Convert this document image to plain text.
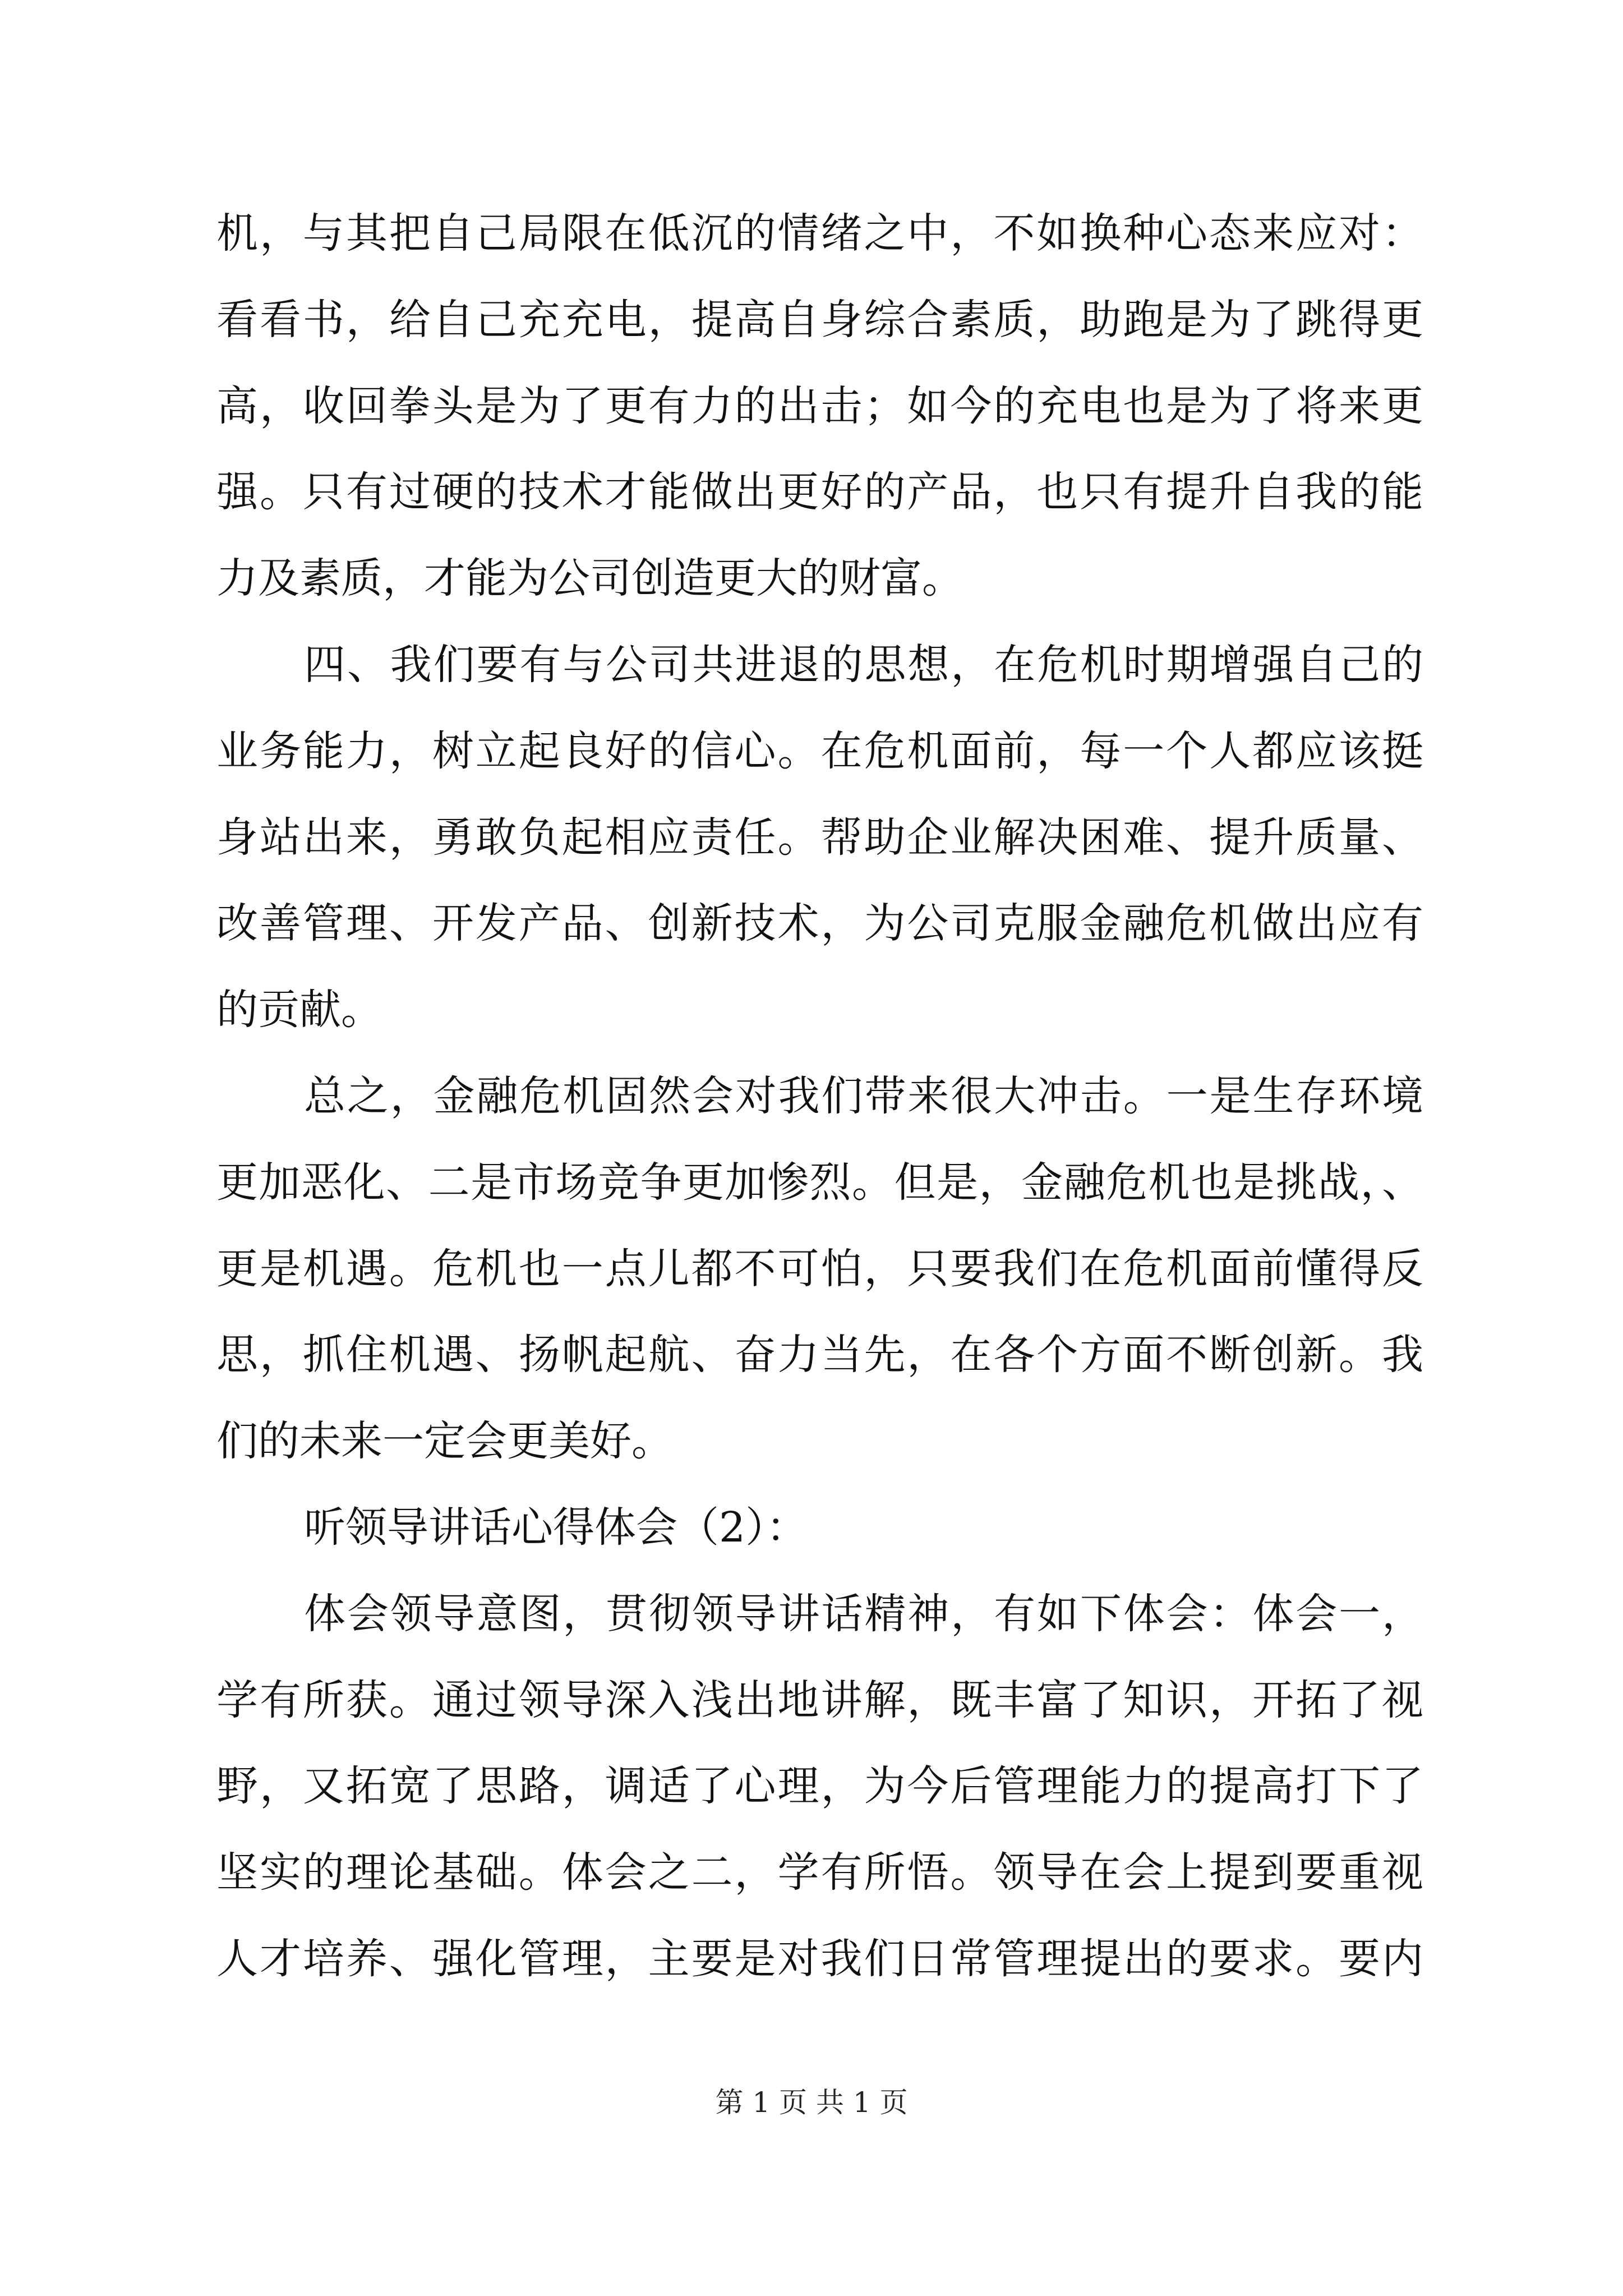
机，与其把自己局限在低沉的情绪之中，不如换种心态来应对：
看看书，给自己充充电，提高自身综合素质，助跑是为了跳得更
高，收回拳头是为了更有力的出击；如今的充电也是为了将来更
强。只有过硬的技术才能做出更好的产品，也只有提升自我的能
力及素质，才能为公司创造更大的财富。
四、我们要有与公司共进退的思想，在危机时期增强自己的
业务能力，树立起良好的信心。在危机面前，每一个人都应该挺
身站出来，勇敢负起相应责任。帮助企业解决困难、提升质量、
改善管理、开发产品、创新技术，为公司克服金融危机做出应有
的贡献。
总之，金融危机固然会对我们带来很大冲击。一是生存环境
更加恶化、二是市场竞争更加惨烈。但是，金融危机也是挑战，、
更是机遇。危机也一点儿都不可怕，只要我们在危机面前懂得反
思，抓住机遇、扬帆起航、奋力当先，在各个方面不断创新。我
们的未来一定会更美好。
听领导讲话心得体会（2）：
体会领导意图，贯彻领导讲话精神，有如下体会：体会一，
学有所获。通过领导深入浅出地讲解，既丰富了知识，开拓了视
野，又拓宽了思路，调适了心理，为今后管理能力的提高打下了
坚实的理论基础。体会之二，学有所悟。领导在会上提到要重视
人才培养、强化管理，主要是对我们日常管理提出的要求。要内
第 1 页 共 1 页
